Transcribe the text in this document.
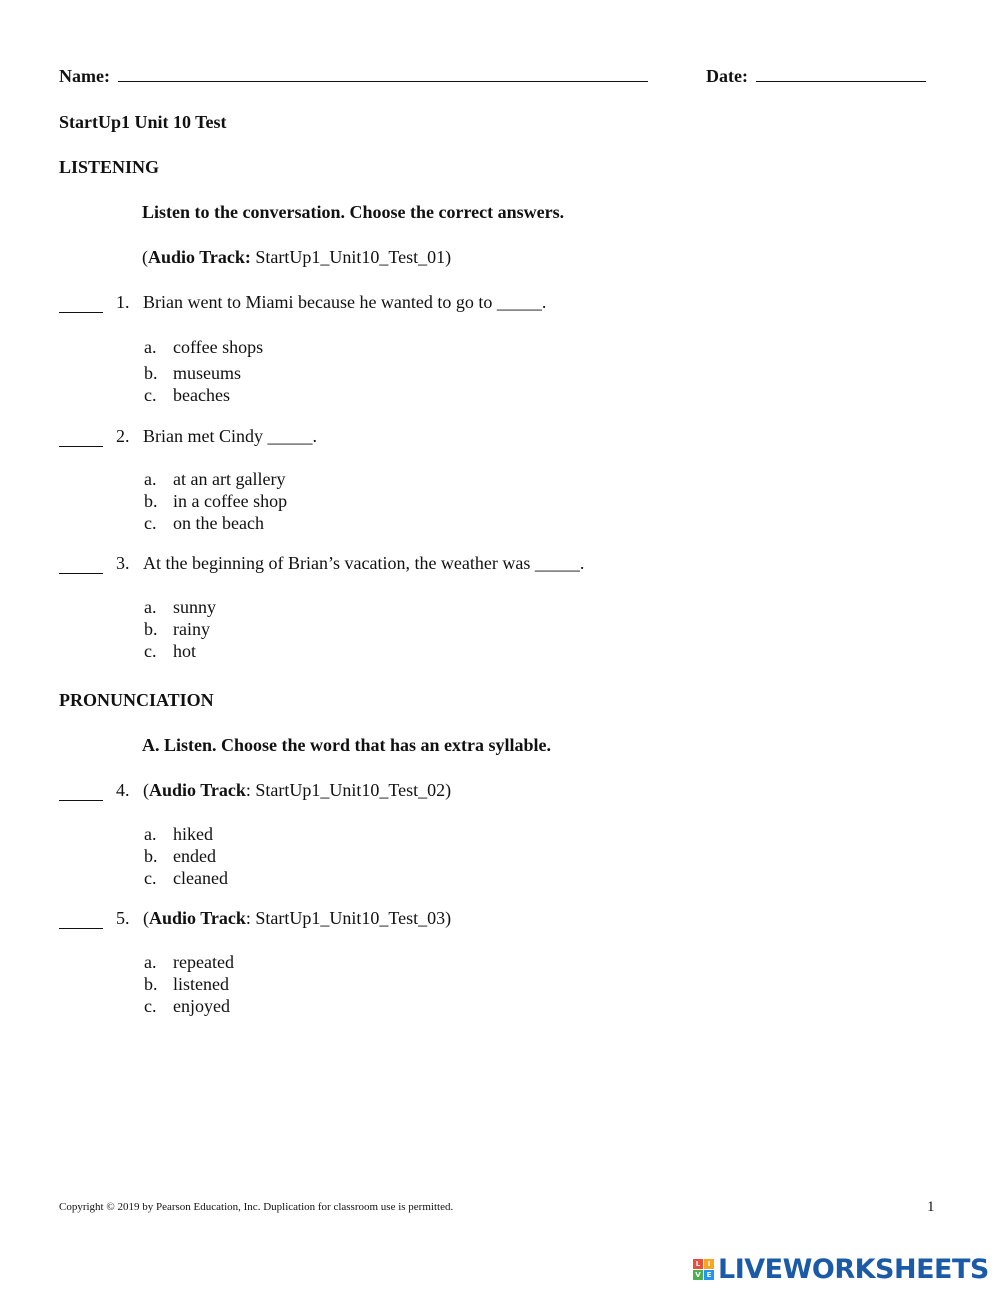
Name:	Date:
StartUp1 Unit 10 Test
LISTENING
Listen to the conversation. Choose the correct answers.
(Audio Track: StartUp1_Unit10_Test_01)
1. Brian went to Miami because he wanted to go to _____.
a. coffee shops
b. museums
c. beaches
2. Brian met Cindy _____.
a. at an art gallery
b. in a coffee shop
c. on the beach
3. At the beginning of Brian’s vacation, the weather was _____.
a. sunny
b. rainy
c. hot
PRONUNCIATION
A. Listen. Choose the word that has an extra syllable.
4. (Audio Track: StartUp1_Unit10_Test_02)
a. hiked
b. ended
c. cleaned
5. (Audio Track: StartUp1_Unit10_Test_03)
a. repeated
b. listened
c. enjoyed
Copyright © 2019 by Pearson Education, Inc. Duplication for classroom use is permitted.	1
L	I
V E LIVEWORKSHEETS
